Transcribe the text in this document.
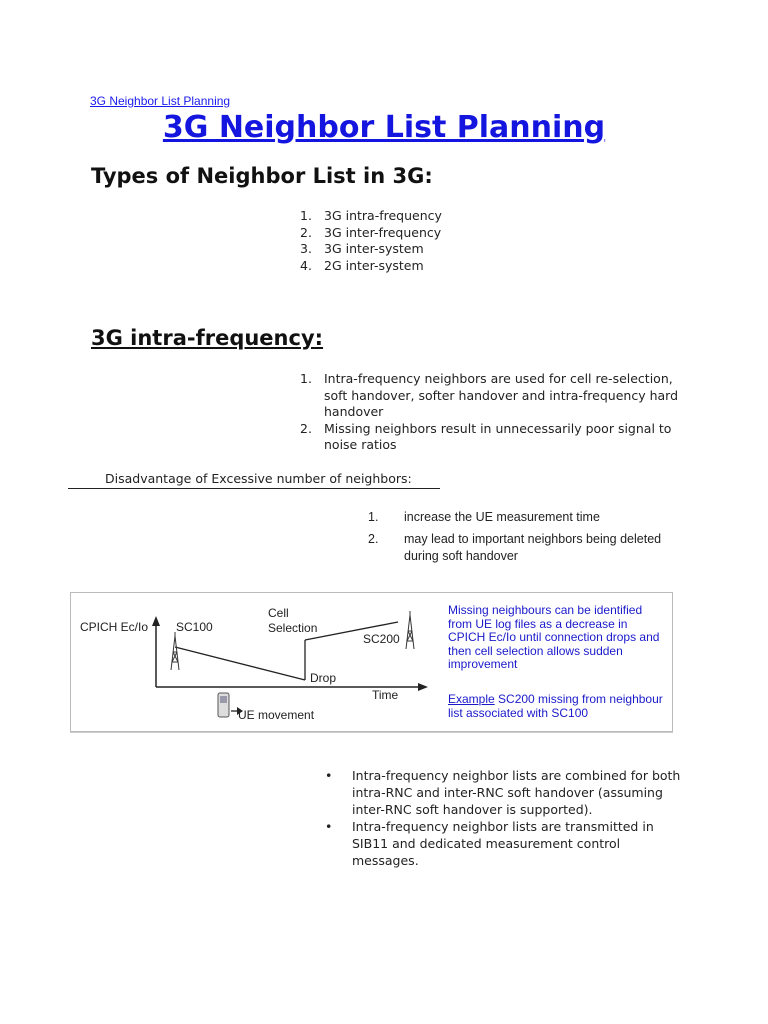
3G Neighbor List Planning
3G Neighbor List Planning
Types of Neighbor List in 3G:
1. 3G intra-frequency
2. 3G inter-frequency
3. 3G inter-system
4. 2G inter-system
3G intra-frequency:
1. Intra-frequency neighbors are used for cell re-selection, soft handover, softer handover and intra-frequency hard handover
2. Missing neighbors result in unnecessarily poor signal to noise ratios
Disadvantage of Excessive number of neighbors:
1.	increase the UE measurement time
2.	may lead to important neighbors being deleted during soft handover
CPICH Ec/Io SC100
Cell
Selection
SC200
Drop
Time
UE movement
Missing neighbours can be identified from UE log files as a decrease in CPICH Ec/Io until connection drops and then cell selection allows sudden improvement
Example SC200 missing from neighbour list associated with SC100
• Intra-frequency neighbor lists are combined for both intra-RNC and inter-RNC soft handover (assuming inter-RNC soft handover is supported).
• Intra-frequency neighbor lists are transmitted in SIB11 and dedicated measurement control messages.
